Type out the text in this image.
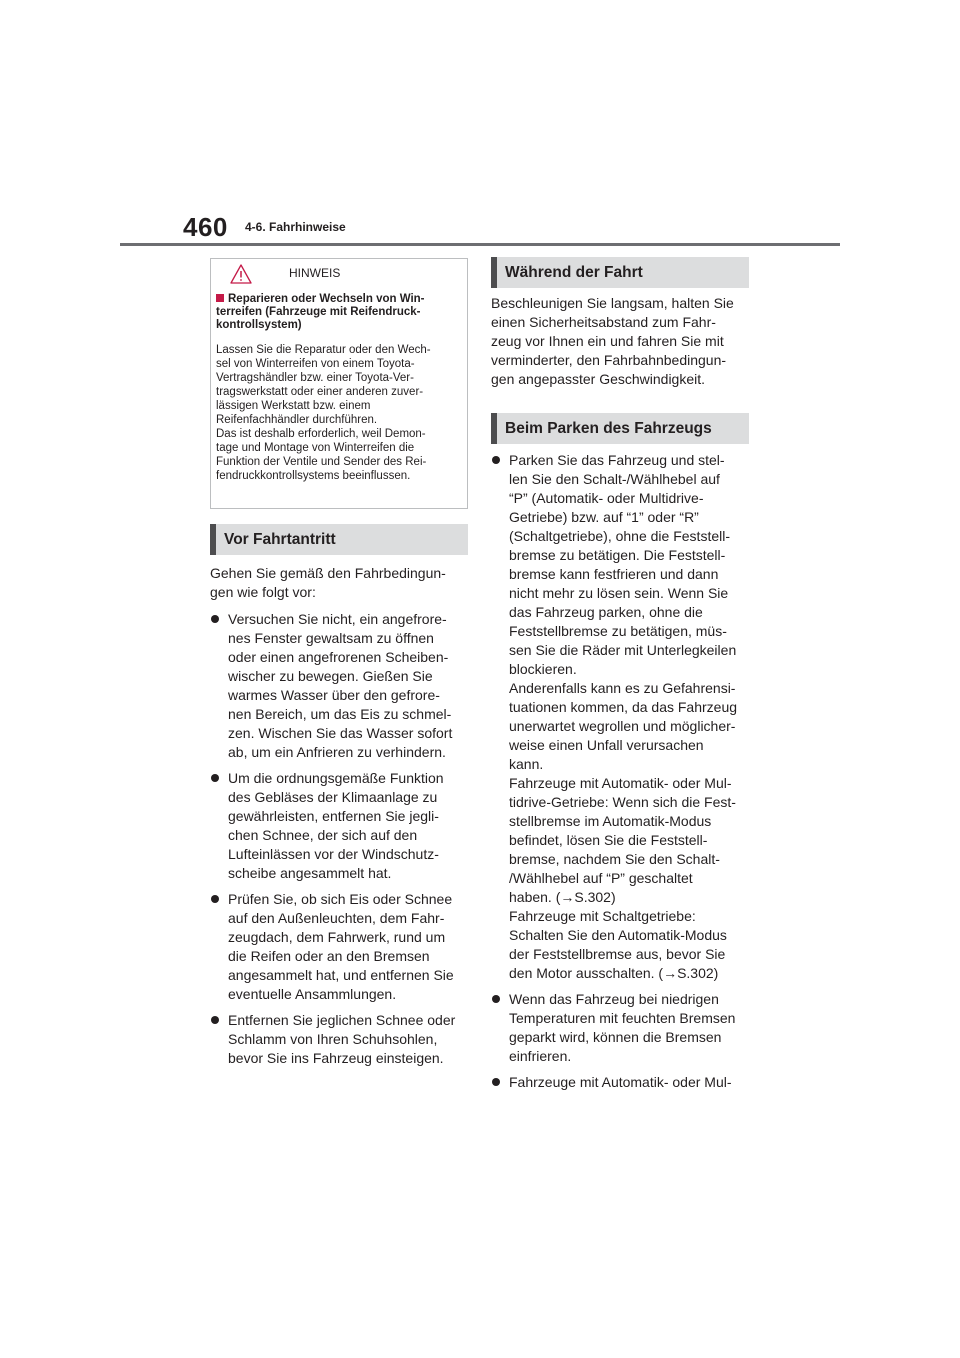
460 4-6. Fahrhinweise
HINWEIS
Reparieren oder Wechseln von Win-
terreifen (Fahrzeuge mit Reifendruck-
kontrollsystem)

Lassen Sie die Reparatur oder den Wech-
sel von Winterreifen von einem Toyota-
Vertragshändler bzw. einer Toyota-Ver-
tragswerkstatt oder einer anderen zuver-
lässigen Werkstatt bzw. einem
Reifenfachhändler durchführen.
Das ist deshalb erforderlich, weil Demon-
tage und Montage von Winterreifen die
Funktion der Ventile und Sender des Rei-
fendruckkontrollsystems beeinflussen.

Vor Fahrtantritt

Gehen Sie gemäß den Fahrbedingun-
gen wie folgt vor:

Versuchen Sie nicht, ein angefrore-
nes Fenster gewaltsam zu öffnen
oder einen angefrorenen Scheiben-
wischer zu bewegen. Gießen Sie
warmes Wasser über den gefrore-
nen Bereich, um das Eis zu schmel-
zen. Wischen Sie das Wasser sofort
ab, um ein Anfrieren zu verhindern.
Um die ordnungsgemäße Funktion
des Gebläses der Klimaanlage zu
gewährleisten, entfernen Sie jegli-
chen Schnee, der sich auf den
Lufteinlässen vor der Windschutz-
scheibe angesammelt hat.
Prüfen Sie, ob sich Eis oder Schnee
auf den Außenleuchten, dem Fahr-
zeugdach, dem Fahrwerk, rund um
die Reifen oder an den Bremsen
angesammelt hat, und entfernen Sie
eventuelle Ansammlungen.
Entfernen Sie jeglichen Schnee oder
Schlamm von Ihren Schuhsohlen,
bevor Sie ins Fahrzeug einsteigen.
Während der Fahrt

Beschleunigen Sie langsam, halten Sie
einen Sicherheitsabstand zum Fahr-
zeug vor Ihnen ein und fahren Sie mit
verminderter, den Fahrbahnbedingun-
gen angepasster Geschwindigkeit.

Beim Parken des Fahrzeugs
Parken Sie das Fahrzeug und stel-
len Sie den Schalt-/Wählhebel auf
“P” (Automatik- oder Multidrive-
Getriebe) bzw. auf “1” oder “R”
(Schaltgetriebe), ohne die Feststell-
bremse zu betätigen. Die Feststell-
bremse kann festfrieren und dann
nicht mehr zu lösen sein. Wenn Sie
das Fahrzeug parken, ohne die
Feststellbremse zu betätigen, müs-
sen Sie die Räder mit Unterlegkeilen
blockieren.
Anderenfalls kann es zu Gefahrensi-
tuationen kommen, da das Fahrzeug
unerwartet wegrollen und möglicher-
weise einen Unfall verursachen
kann.
Fahrzeuge mit Automatik- oder Mul-
tidrive-Getriebe: Wenn sich die Fest-
stellbremse im Automatik-Modus
befindet, lösen Sie die Feststell-
bremse, nachdem Sie den Schalt-
/Wählhebel auf “P” geschaltet
haben. (→S.302)
Fahrzeuge mit Schaltgetriebe:
Schalten Sie den Automatik-Modus
der Feststellbremse aus, bevor Sie
den Motor ausschalten. (→S.302)
Wenn das Fahrzeug bei niedrigen
Temperaturen mit feuchten Bremsen
geparkt wird, können die Bremsen
einfrieren.
Fahrzeuge mit Automatik- oder Mul-
